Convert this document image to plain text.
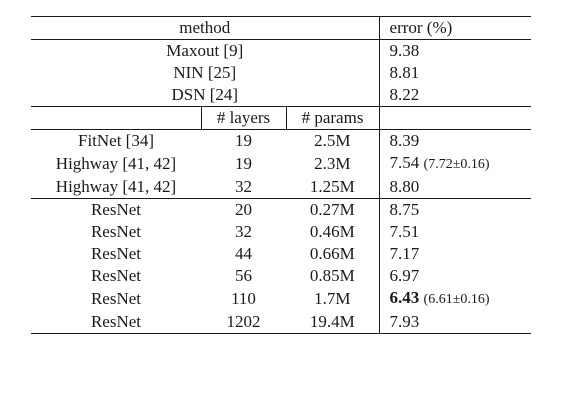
method			error (%)
Maxout [9]			9.38
NIN [25]			8.81
DSN [24]			8.22
	# layers	# params	
FitNet [34]	19	2.5M	8.39
Highway [41, 42]	19	2.3M	7.54 (7.72±0.16)
Highway [41, 42]	32	1.25M	8.80
ResNet	20	0.27M	8.75
ResNet	32	0.46M	7.51
ResNet	44	0.66M	7.17
ResNet	56	0.85M	6.97
ResNet	110	1.7M	6.43 (6.61±0.16)
ResNet	1202	19.4M	7.93
